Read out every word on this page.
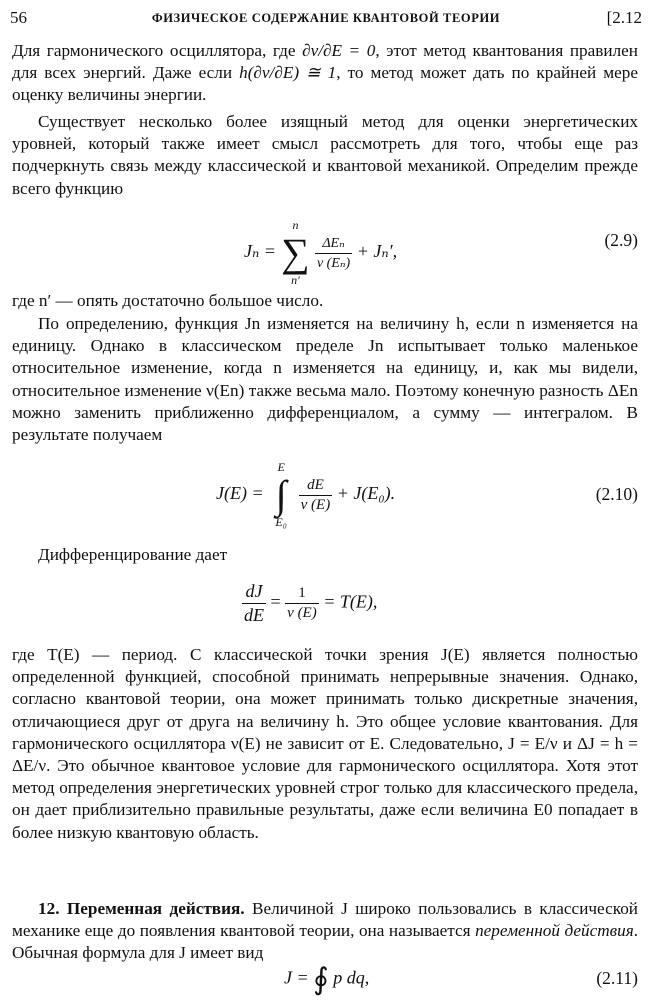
56	ФИЗИЧЕСКОЕ СОДЕРЖАНИЕ КВАНТОВОЙ ТЕОРИИ	[2.12

Для гармонического осциллятора, где ∂ν/∂E = 0, этот метод квантования правилен для всех энергий. Даже если h(∂ν/∂E) ≅ 1, то метод может дать по крайней мере оценку величины энергии.

Существует несколько более изящный метод для оценки энергетических уровней, который также имеет смысл рассмотреть для того, чтобы еще раз подчеркнуть связь между классической и квантовой механикой. Определим прежде всего функцию

Jₙ =
n
∑
n′

$\frac{\text{ΔEₙ}}{\text{ν (Eₙ)}} + J_n'$,
(2.9)

где n′ — опять достаточно большое число.

По определению, функция Jn изменяется на величину h, если n изменяется на единицу. Однако в классическом пределе Jn испытывает только маленькое относительное изменение, когда n изменяется на единицу, и, как мы видели, относительное изменение ν(En) также весьма мало. Поэтому конечную разность ΔEn можно заменить приближенно дифференциалом, а сумму — интегралом. В результате получаем

J(E) =
E
∫
E₀

$\frac{dE}{\nu (E)} + J(E_0)$.	(2.10)

Дифференцирование дает

$\frac{dJ}{dE} = \frac{1}{\nu (E)} = T(E)$,

где T(E) — период. С классической точки зрения J(E) является полностью определенной функцией, способной принимать непрерывные значения. Однако, согласно квантовой теории, она может принимать только дискретные значения, отличающиеся друг от друга на величину h. Это общее условие квантования. Для гармонического осциллятора ν(E) не зависит от E. Следовательно, J = E/ν и ΔJ = h = ΔE/ν. Это обычное квантовое условие для гармонического осциллятора. Хотя этот метод определения энергетических уровней строг только для классического предела, он дает приблизительно правильные результаты, даже если величина E0 попадает в более низкую квантовую область.

12. Переменная действия. Величиной J широко пользовались в классической механике еще до появления квантовой теории, она называется переменной действия. Обычная формула для J имеет вид

J = ∮ p dq,	(2.11)
